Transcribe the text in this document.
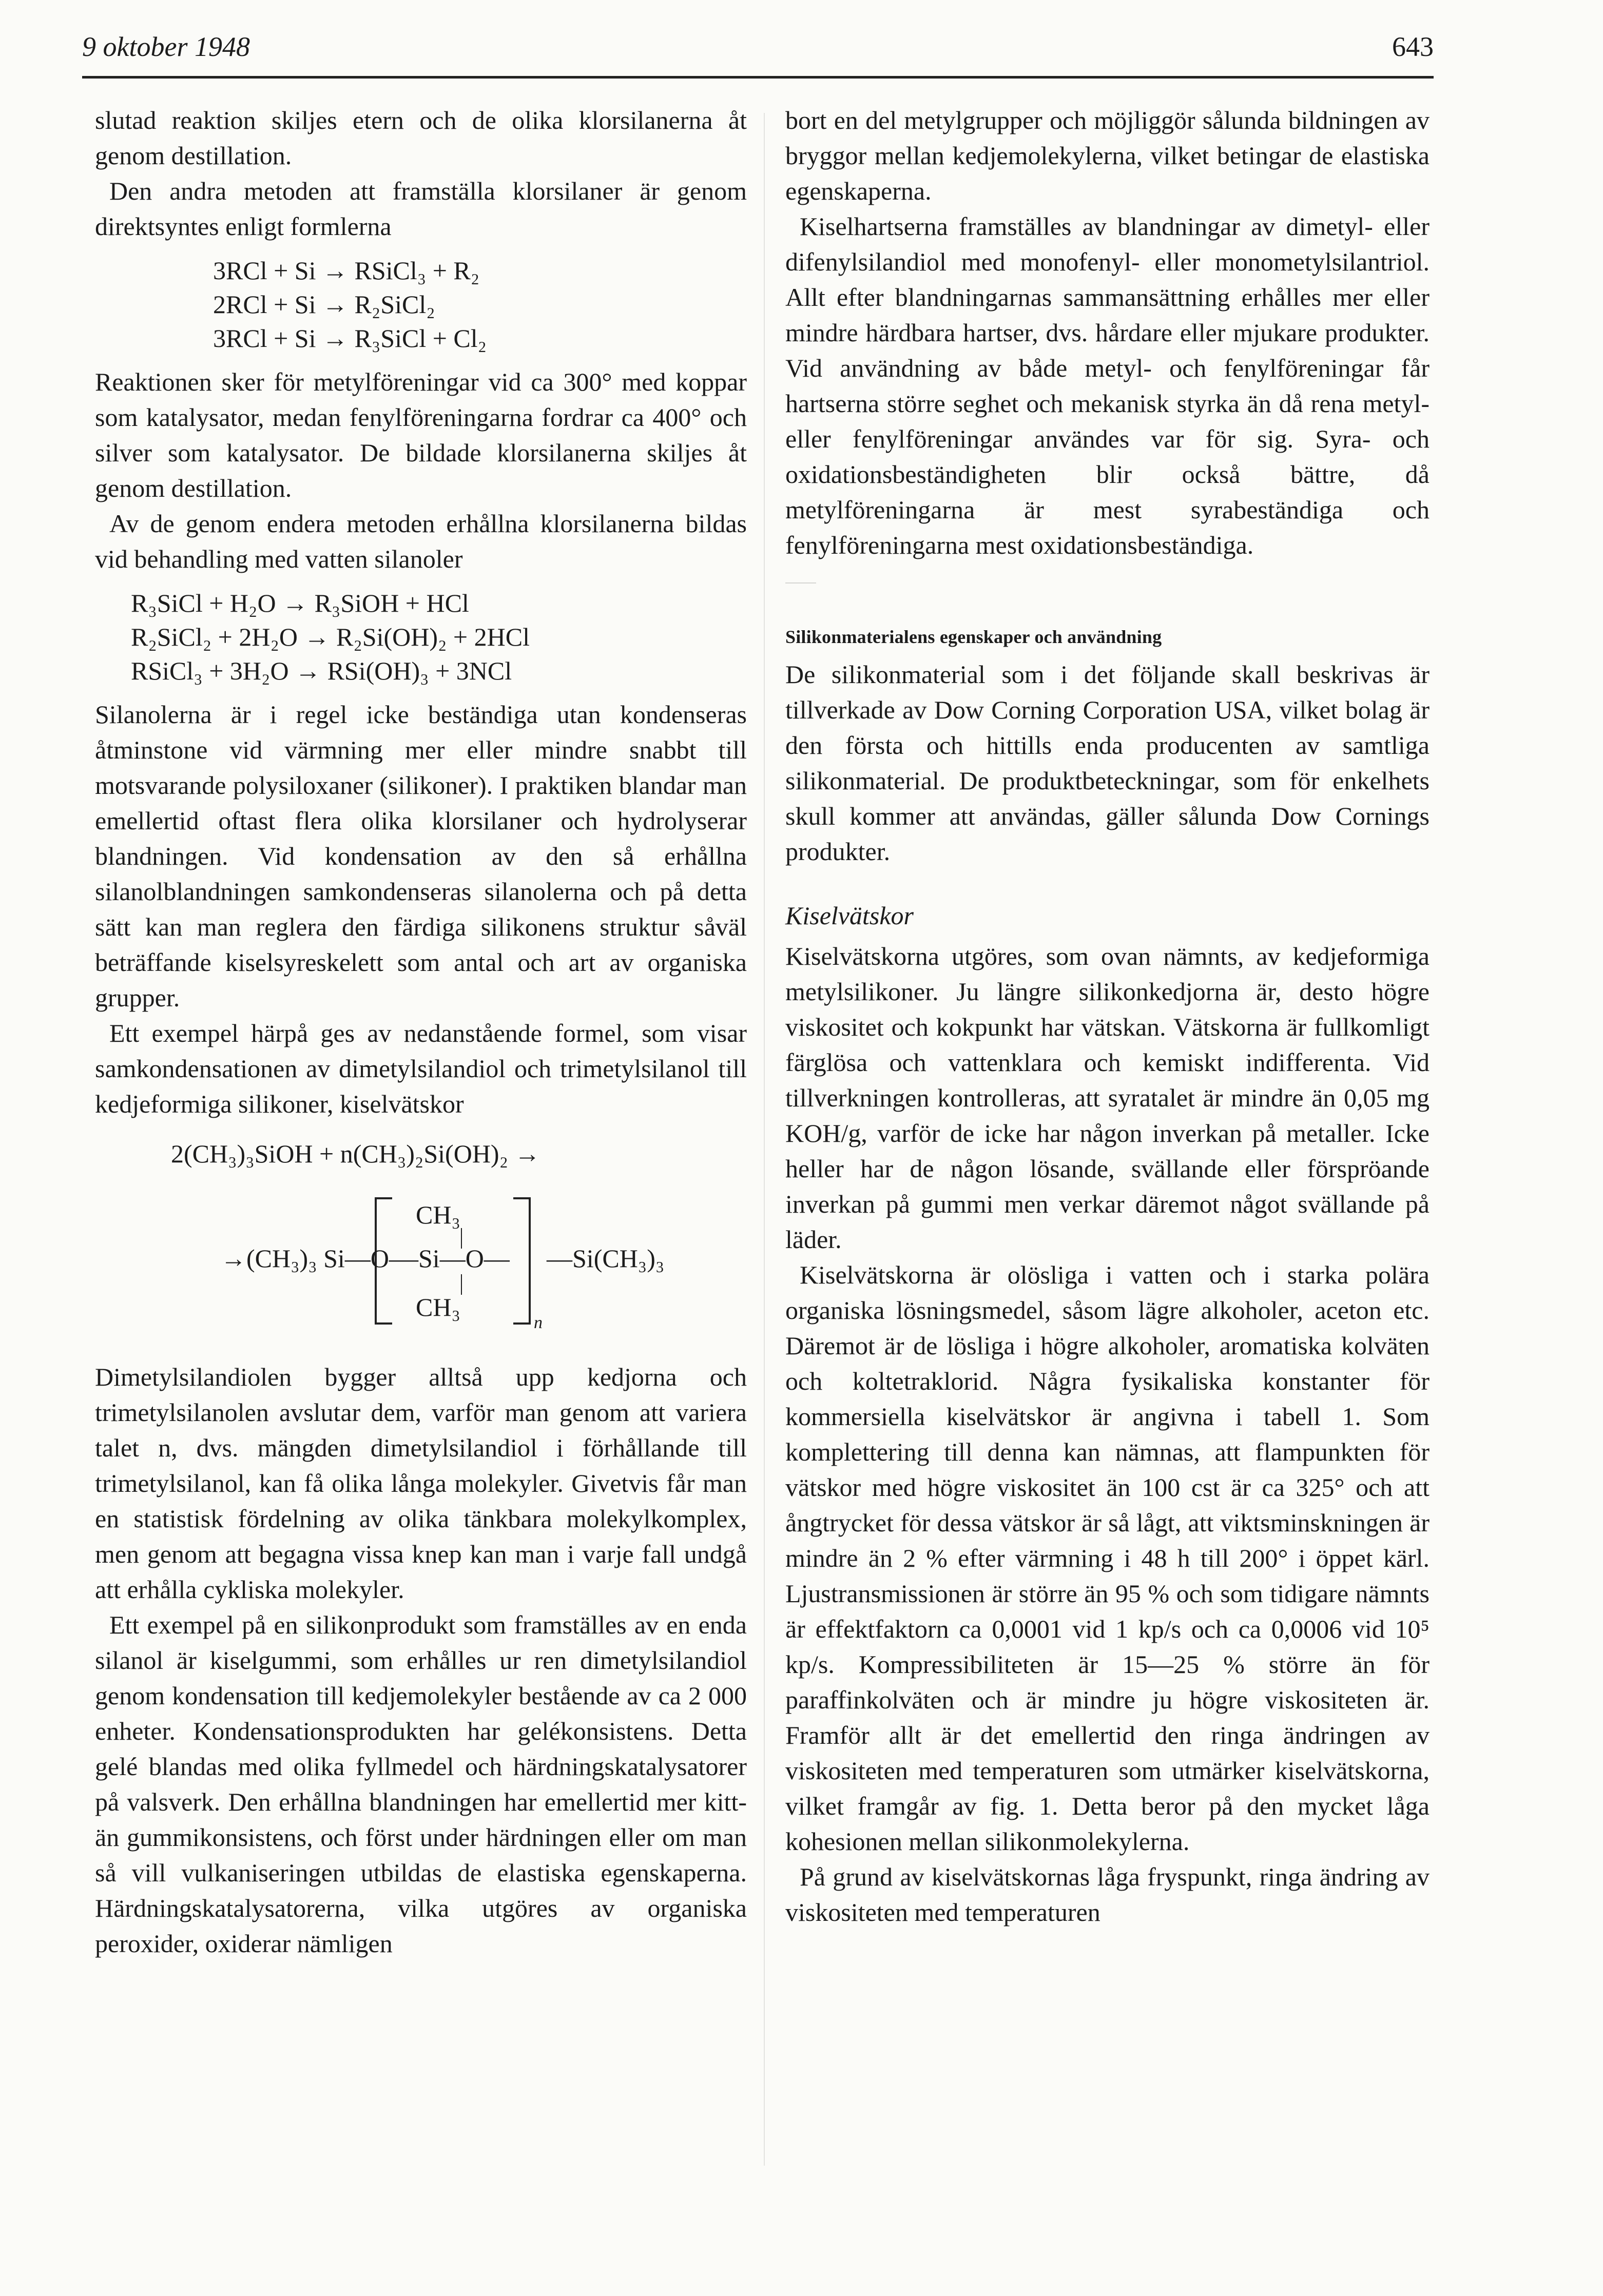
9 oktober 1948	643

slutad reaktion skiljes etern och de olika klorsilanerna åt genom destillation.

Den andra metoden att framställa klorsilaner är genom direktsyntes enligt formlerna

3RCl + Si → RSiCl₃ + R₂
2RCl + Si → R₂SiCl₂
3RCl + Si → R₃SiCl + Cl₂

Reaktionen sker för metylföreningar vid ca 300° med koppar som katalysator, medan fenylföreningarna fordrar ca 400° och silver som katalysator. De bildade klorsilanerna skiljes åt genom destillation.

Av de genom endera metoden erhållna klorsilanerna bildas vid behandling med vatten silanoler

R₃SiCl + H₂O → R₃SiOH + HCl
R₂SiCl₂ + 2H₂O → R₂Si(OH)₂ + 2HCl
RSiCl₃ + 3H₂O → RSi(OH)₃ + 3NCl

Silanolerna är i regel icke beständiga utan kondenseras åtminstone vid värmning mer eller mindre snabbt till motsvarande polysiloxaner (silikoner). I praktiken blandar man emellertid oftast flera olika klorsilaner och hydrolyserar blandningen. Vid kondensation av den så erhållna silanolblandningen samkondenseras silanolerna och på detta sätt kan man reglera den färdiga silikonens struktur såväl beträffande kiselsyreskelett som antal och art av organiska grupper.

Ett exempel härpå ges av nedanstående formel, som visar samkondensationen av dimetylsilandiol och trimetylsilanol till kedjeformiga silikoner, kiselvätskor

2(CH₃)₃SiOH + n(CH₃)₂Si(OH)₂ →
→(CH₃)₃ Si—O—
CH₃
—Si—O—
CH₃
n
—Si(CH₃)₃

Dimetylsilandiolen bygger alltså upp kedjorna och trimetylsilanolen avslutar dem, varför man genom att variera talet n, dvs. mängden dimetylsilandiol i förhållande till trimetylsilanol, kan få olika långa molekyler. Givetvis får man en statistisk fördelning av olika tänkbara molekylkomplex, men genom att begagna vissa knep kan man i varje fall undgå att erhålla cykliska molekyler.

Ett exempel på en silikonprodukt som framställes av en enda silanol är kiselgummi, som erhålles ur ren dimetylsilandiol genom kondensation till kedjemolekyler bestående av ca 2 000 enheter. Kondensationsprodukten har gelékonsistens. Detta gelé blandas med olika fyllmedel och härdningskatalysatorer på valsverk. Den erhållna blandningen har emellertid mer kitt- än gummikonsistens, och först under härdningen eller om man så vill vulkaniseringen utbildas de elastiska egenskaperna. Härdningskatalysatorerna, vilka utgöres av organiska peroxider, oxiderar nämligen

bort en del metylgrupper och möjliggör sålunda bildningen av bryggor mellan kedjemolekylerna, vilket betingar de elastiska egenskaperna.

Kiselhartserna framställes av blandningar av dimetyl- eller difenylsilandiol med monofenyl- eller monometylsilantriol. Allt efter blandningarnas sammansättning erhålles mer eller mindre härdbara hartser, dvs. hårdare eller mjukare produkter. Vid användning av både metyl- och fenylföreningar får hartserna större seghet och mekanisk styrka än då rena metyl- eller fenylföreningar användes var för sig. Syra- och oxidationsbeständigheten blir också bättre, då metylföreningarna är mest syrabeständiga och fenylföreningarna mest oxidationsbeständiga.

Silikonmaterialens egenskaper och användning

De silikonmaterial som i det följande skall beskrivas är tillverkade av Dow Corning Corporation USA, vilket bolag är den första och hittills enda producenten av samtliga silikonmaterial. De produktbeteckningar, som för enkelhets skull kommer att användas, gäller sålunda Dow Cornings produkter.

Kiselvätskor

Kiselvätskorna utgöres, som ovan nämnts, av kedjeformiga metylsilikoner. Ju längre silikonkedjorna är, desto högre viskositet och kokpunkt har vätskan. Vätskorna är fullkomligt färglösa och vattenklara och kemiskt indifferenta. Vid tillverkningen kontrolleras, att syratalet är mindre än 0,05 mg KOH/g, varför de icke har någon inverkan på metaller. Icke heller har de någon lösande, svällande eller förspröande inverkan på gummi men verkar däremot något svällande på läder.

Kiselvätskorna är olösliga i vatten och i starka polära organiska lösningsmedel, såsom lägre alkoholer, aceton etc. Däremot är de lösliga i högre alkoholer, aromatiska kolväten och koltetraklorid. Några fysikaliska konstanter för kommersiella kiselvätskor är angivna i tabell 1. Som komplettering till denna kan nämnas, att flampunkten för vätskor med högre viskositet än 100 cst är ca 325° och att ångtrycket för dessa vätskor är så lågt, att viktsminskningen är mindre än 2 % efter värmning i 48 h till 200° i öppet kärl. Ljustransmissionen är större än 95 % och som tidigare nämnts är effektfaktorn ca 0,0001 vid 1 kp/s och ca 0,0006 vid 10⁵ kp/s. Kompressibiliteten är 15—25 % större än för paraffinkolväten och är mindre ju högre viskositeten är. Framför allt är det emellertid den ringa ändringen av viskositeten med temperaturen som utmärker kiselvätskorna, vilket framgår av fig. 1. Detta beror på den mycket låga kohesionen mellan silikonmolekylerna.

På grund av kiselvätskornas låga fryspunkt, ringa ändring av viskositeten med temperaturen
